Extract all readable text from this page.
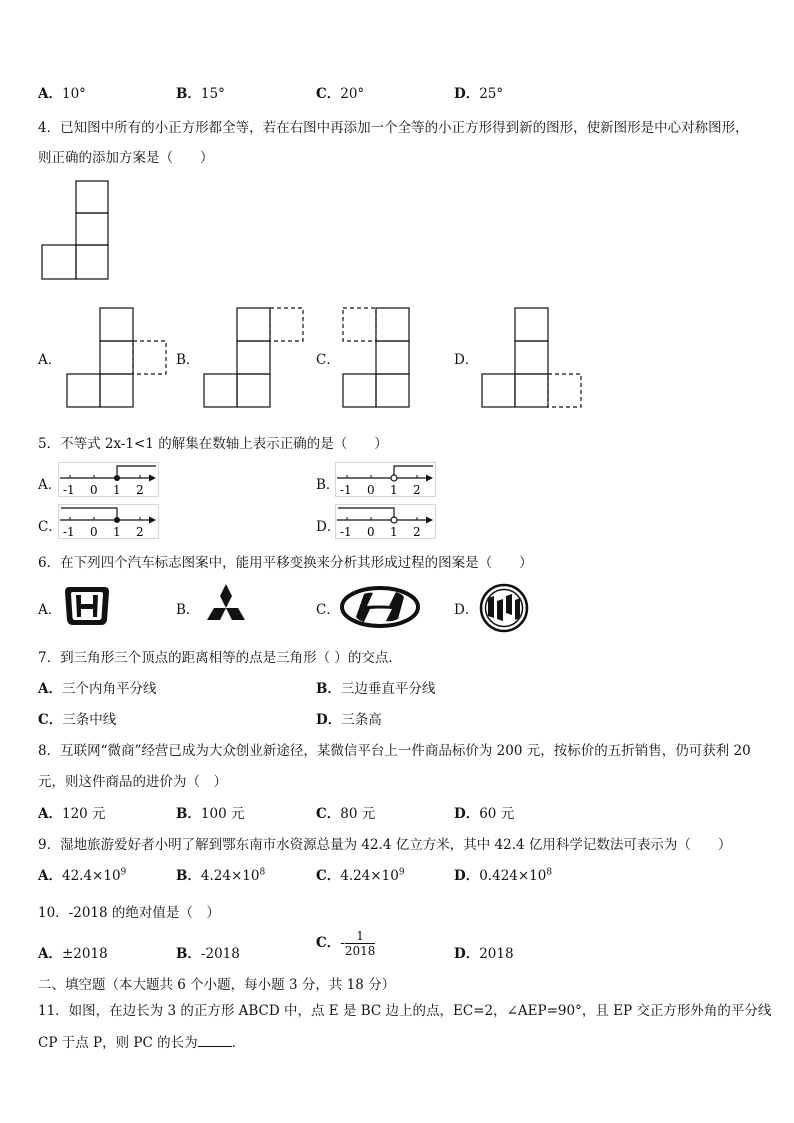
A．10°	B．15°	C．20°	D．25°
4．已知图中所有的小正方形都全等，若在右图中再添加一个全等的小正方形得到新的图形，使新图形是中心对称图形，
则正确的添加方案是（　　）
A．	B．	C．	D．
5．不等式 2x-1<1 的解集在数轴上表示正确的是（　　）
A． -1 0 1 2	B． -1 0 1 2
C． -1 0 1 2	D． -1 0 1 2
6．在下列四个汽车标志图案中，能用平移变换来分析其形成过程的图案是（　　）
A．	B．	C．	D．
7．到三角形三个顶点的距离相等的点是三角形（ ）的交点．
A．三个内角平分线	B．三边垂直平分线
C．三条中线	D．三条高
8．互联网“微商”经营已成为大众创业新途径，某微信平台上一件商品标价为 200 元，按标价的五折销售，仍可获利 20
元，则这件商品的进价为（　）
A．120 元	B．100 元	C．80 元	D．60 元
9．湿地旅游爱好者小明了解到鄂东南市水资源总量为 42.4 亿立方米，其中 42.4 亿用科学记数法可表示为（　　）
A．$42.4\times 10^9$	B．$4.24\times 10^8$	C．$4.24\times 10^9$	D．$0.424\times 10^8$
10．-2018 的绝对值是（　）
A．±2018	B．-2018
C．- $\frac{1}{2018}$	D．2018
二、填空题（本大题共 6 个小题，每小题 3 分，共 18 分）
11．如图，在边长为 3 的正方形 ABCD 中，点 E 是 BC 边上的点，EC=2，∠AEP=90°，且 EP 交正方形外角的平分线
CP 于点 P，则 PC 的长为	．
